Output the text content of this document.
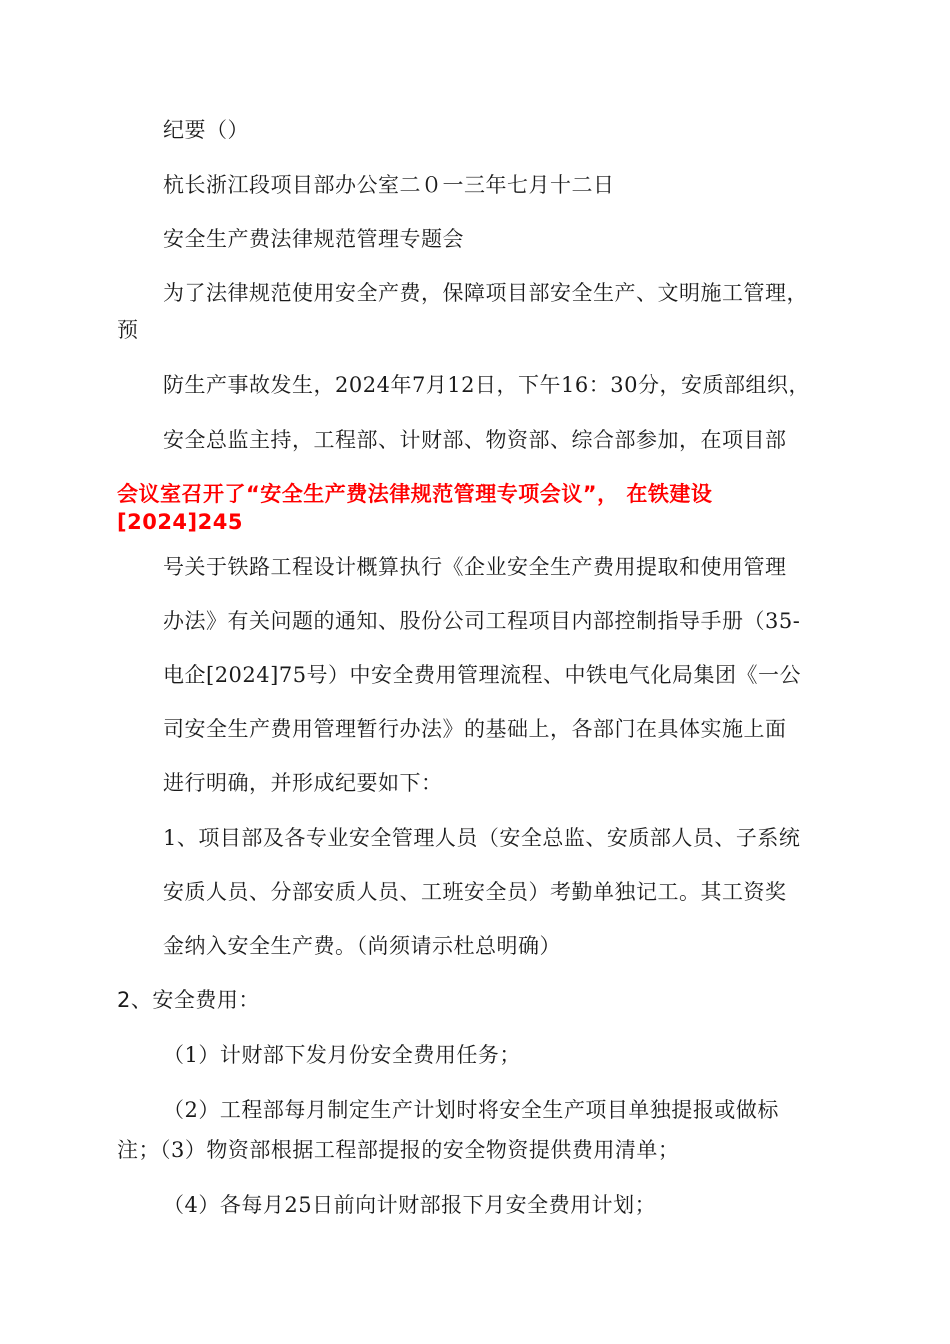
纪要（）
杭长浙江段项目部办公室二０一三年七月十二日
安全生产费法律规范管理专题会
为了法律规范使用安全产费，保障项目部安全生产、文明施工管理，
预
防生产事故发生，2024年7月12日，下午16：30分，安质部组织，
安全总监主持，工程部、计财部、物资部、综合部参加，在项目部
会议室召开了“安全生产费法律规范管理专项会议”， 在铁建设
[2024]245
号关于铁路工程设计概算执行《企业安全生产费用提取和使用管理
办法》有关问题的通知、股份公司工程项目内部控制指导手册（35-
电企[2024]75号）中安全费用管理流程、中铁电气化局集团《一公
司安全生产费用管理暂行办法》的基础上，各部门在具体实施上面
进行明确，并形成纪要如下：
1、项目部及各专业安全管理人员（安全总监、安质部人员、子系统
安质人员、分部安质人员、工班安全员）考勤单独记工。其工资奖
金纳入安全生产费。（尚须请示杜总明确）
2、安全费用：
（1）计财部下发月份安全费用任务；
（2）工程部每月制定生产计划时将安全生产项目单独提报或做标
注；（3）物资部根据工程部提报的安全物资提供费用清单；
（4）各每月25日前向计财部报下月安全费用计划；
